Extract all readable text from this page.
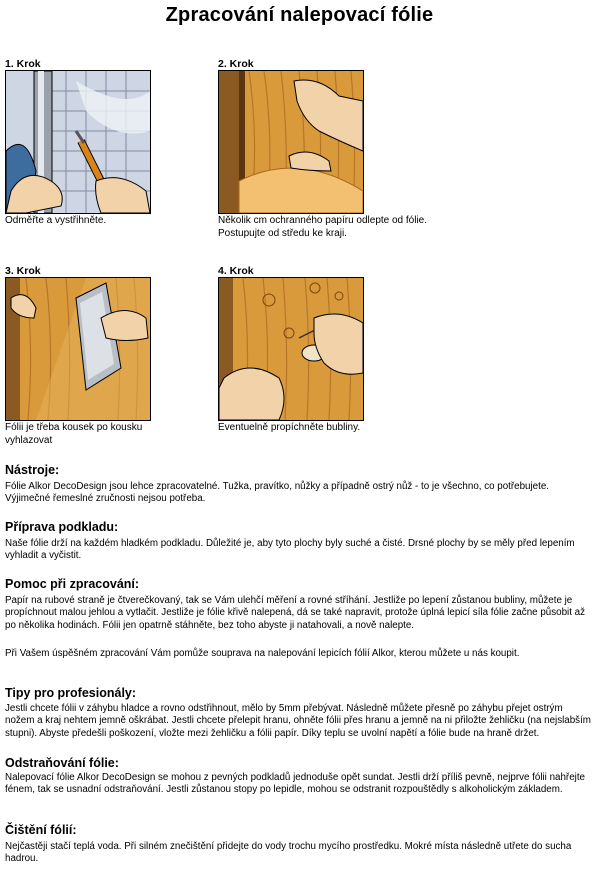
Zpracování nalepovací fólie
1. Krok
Odměřte a vystřihněte.
2. Krok
Několik cm ochranného papíru odlepte od fólie. Postupujte od středu ke kraji.
3. Krok
Fólii je třeba kousek po kousku vyhlazovat
4. Krok
Eventuelně propíchněte bubliny.
Nástroje:
Fólie Alkor DecoDesign jsou lehce zpracovatelné. Tužka, pravítko, nůžky a případně ostrý nůž - to je všechno, co potřebujete. Výjimečné řemeslné zručnosti nejsou potřeba.
Příprava podkladu:
Naše fólie drží na každém hladkém podkladu. Důležité je, aby tyto plochy byly suché a čisté. Drsné plochy by se měly před lepením vyhladit a vyčistit.
Pomoc při zpracování:
Papír na rubové straně je čtverečkovaný, tak se Vám ulehčí měření a rovné stříhání. Jestliže po lepení zůstanou bubliny, můžete je propíchnout malou jehlou a vytlačit. Jestliže je fólie křivě nalepená, dá se také napravit, protože úplná lepicí síla fólie začne působit až po několika hodinách. Fólii jen opatrně stáhněte, bez toho abyste ji natahovali, a nově nalepte.
Při Vašem úspěšném zpracování Vám pomůže souprava na nalepování lepicích fólií Alkor, kterou můžete u nás koupit.
Tipy pro profesionály:
Jestli chcete fólii v záhybu hladce a rovno odstřihnout, mělo by 5mm přebývat. Následně můžete přesně po záhybu přejet ostrým nožem a kraj nehtem jemně oškrábat. Jestli chcete přelepit hranu, ohněte fólii přes hranu a jemně na ni přiložte žehličku (na nejslabším stupni). Abyste předešli poškození, vložte mezi žehličku a fólii papír. Díky teplu se uvolní napětí a fólie bude na hraně držet.
Odstraňování fólie:
Nalepovací fólie Alkor DecoDesign se mohou z pevných podkladů jednoduše opět sundat. Jestli drží příliš pevně, nejprve fólii nahřejte fénem, tak se usnadní odstraňování. Jestli zůstanou stopy po lepidle, mohou se odstranit rozpouštědly s alkoholickým základem.
Čištění fólií:
Nejčastěji stačí teplá voda. Při silném znečištění přidejte do vody trochu mycího prostředku. Mokré místa následně utřete do sucha hadrou.
